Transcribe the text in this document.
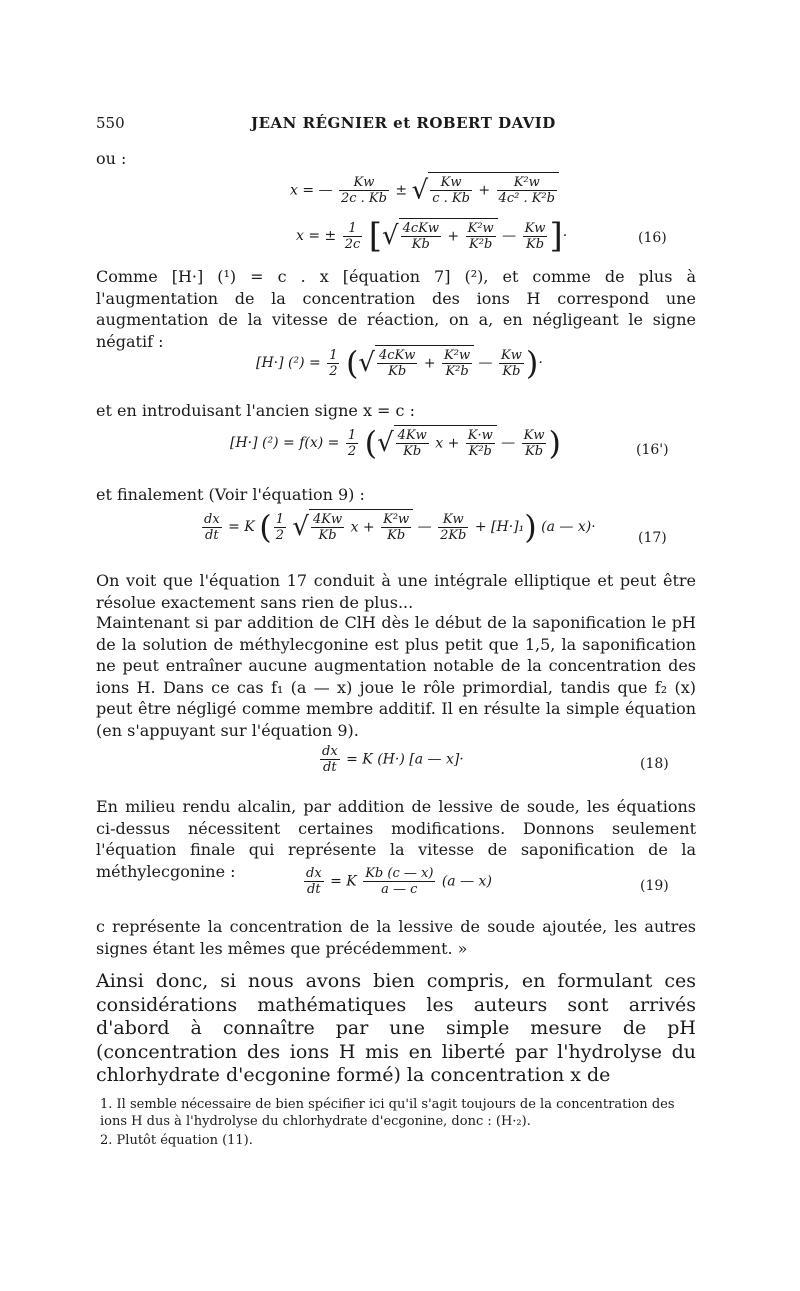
550	JEAN RÉGNIER et ROBERT DAVID

ou :

x = — $\frac{Kw}{2c . Kb}$ ± √ $\frac{Kw}{c . Kb} + \frac{\text{K²w}}{\text{4c² . K²b}}$
x = ± $\frac{1}{2c}$ [√ $\frac{\text{4cKw}}{Kb} + \frac{\text{K²w}}{\text{K²b}}$ — $\frac{Kw}{Kb}$ ]·	(16)

Comme [H·] (¹) = c . x [équation 7] (²), et comme de plus à l'augmentation de la concentration des ions H correspond une augmentation de la vitesse de réaction, on a, en négligeant le signe négatif :

[H·] $(^2) = \frac{1}{2}$ (√ $\frac{\text{4cKw}}{Kb} + \frac{\text{K²w}}{\text{K²b}}$ — $\frac{Kw}{Kb}$ )·

et en introduisant l'ancien signe x = c :

[H·] $(^2) = f(x) = \frac{1}{2}$ (√ $\frac{4Kw}{Kb}$ $x + \frac{K\cdot w}{\text{K²b}}$ — $\frac{Kw}{Kb}$ )	(16')

et finalement (Voir l'équation 9) :

$\frac{dx}{dt} = K$ ( $\frac{1}{2}$ √ $\frac{4Kw}{Kb}$ $x + \frac{\text{K²w}}{Kb}$ — $\frac{Kw}{2Kb} + [H\cdot]_1$) (a — x)·
(17)

On voit que l'équation 17 conduit à une intégrale elliptique et peut être résolue exactement sans rien de plus...

Maintenant si par addition de ClH dès le début de la saponification le pH de la solution de méthylecgonine est plus petit que 1,5, la saponification ne peut entraîner aucune augmentation notable de la concentration des ions H. Dans ce cas f₁ (a — x) joue le rôle primordial, tandis que f₂ (x) peut être négligé comme membre additif. Il en résulte la simple équation (en s'appuyant sur l'équation 9).

$\frac{dx}{dt} = K$ (H·) [a — x]·	(18)

En milieu rendu alcalin, par addition de lessive de soude, les équations ci-dessus nécessitent certaines modifications. Donnons seulement l'équation finale qui représente la vitesse de saponification de la méthylecgonine :	$\frac{dx}{dt} = K \frac{Kb (c — x)}{a — c} (a$ — x)	(19)

c représente la concentration de la lessive de soude ajoutée, les autres signes étant les mêmes que précédemment. »

Ainsi donc, si nous avons bien compris, en formulant ces considérations mathématiques les auteurs sont arrivés d'abord à connaître par une simple mesure de pH (concentration des ions H mis en liberté par l'hydrolyse du chlorhydrate d'ecgonine formé) la concentration x de

1. Il semble nécessaire de bien spécifier ici qu'il s'agit toujours de la concentration des ions H dus à l'hydrolyse du chlorhydrate d'ecgonine, donc : (H·₂).

2. Plutôt équation (11).
